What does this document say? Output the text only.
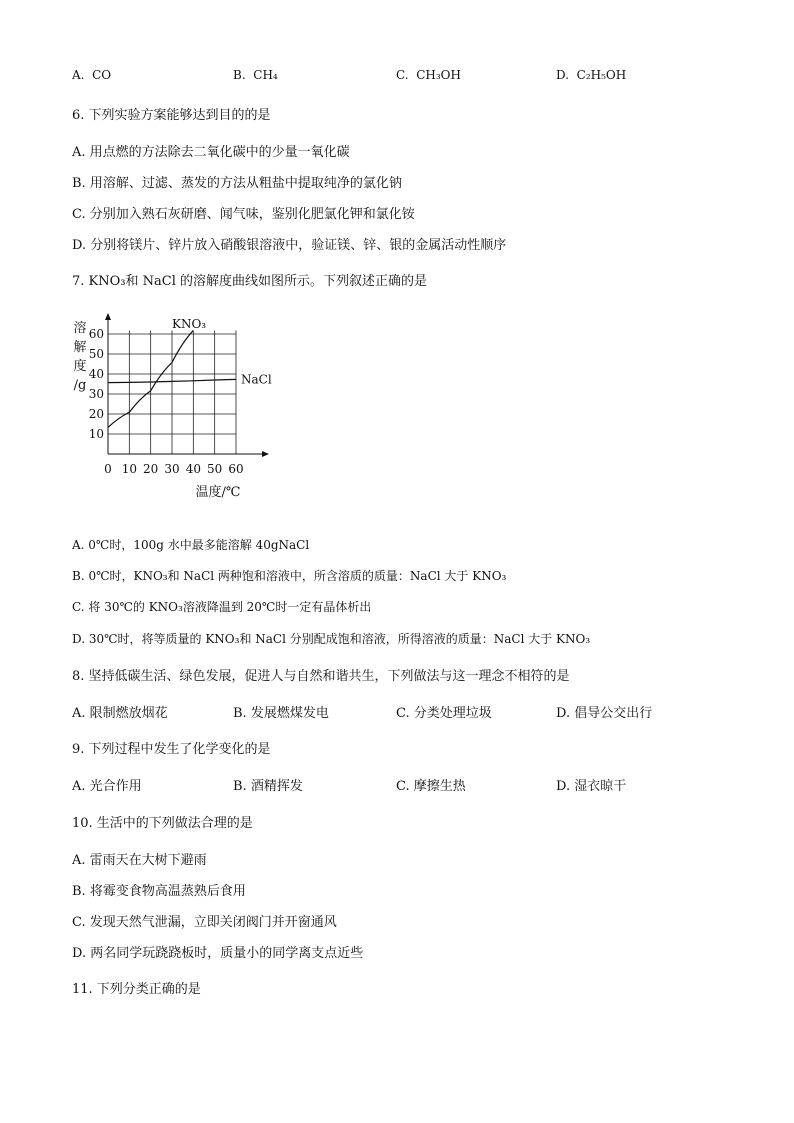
A. CO	B. CH₄	C. CH₃OH	D. C₂H₅OH
6. 下列实验方案能够达到目的的是
A. 用点燃的方法除去二氧化碳中的少量一氧化碳
B. 用溶解、过滤、蒸发的方法从粗盐中提取纯净的氯化钠
C. 分别加入熟石灰研磨、闻气味，鉴别化肥氯化钾和氯化铵
D. 分别将镁片、锌片放入硝酸银溶液中，验证镁、锌、银的金属活动性顺序
7. KNO₃和 NaCl 的溶解度曲线如图所示。下列叙述正确的是
0 10 20 30 40 50 60
10
20
30
40
50
60
KNO₃
NaCl
溶
解
度
/g
温度/℃
A. 0℃时，100g 水中最多能溶解 40gNaCl
B. 0℃时，KNO₃和 NaCl 两种饱和溶液中，所含溶质的质量：NaCl 大于 KNO₃
C. 将 30℃的 KNO₃溶液降温到 20℃时一定有晶体析出
D. 30℃时，将等质量的 KNO₃和 NaCl 分别配成饱和溶液，所得溶液的质量：NaCl 大于 KNO₃
8. 坚持低碳生活、绿色发展，促进人与自然和谐共生，下列做法与这一理念不相符的是
A. 限制燃放烟花	B. 发展燃煤发电	C. 分类处理垃圾	D. 倡导公交出行
9. 下列过程中发生了化学变化的是
A. 光合作用	B. 酒精挥发	C. 摩擦生热	D. 湿衣晾干
10. 生活中的下列做法合理的是
A. 雷雨天在大树下避雨
B. 将霉变食物高温蒸熟后食用
C. 发现天然气泄漏，立即关闭阀门并开窗通风
D. 两名同学玩跷跷板时，质量小的同学离支点近些
11. 下列分类正确的是
